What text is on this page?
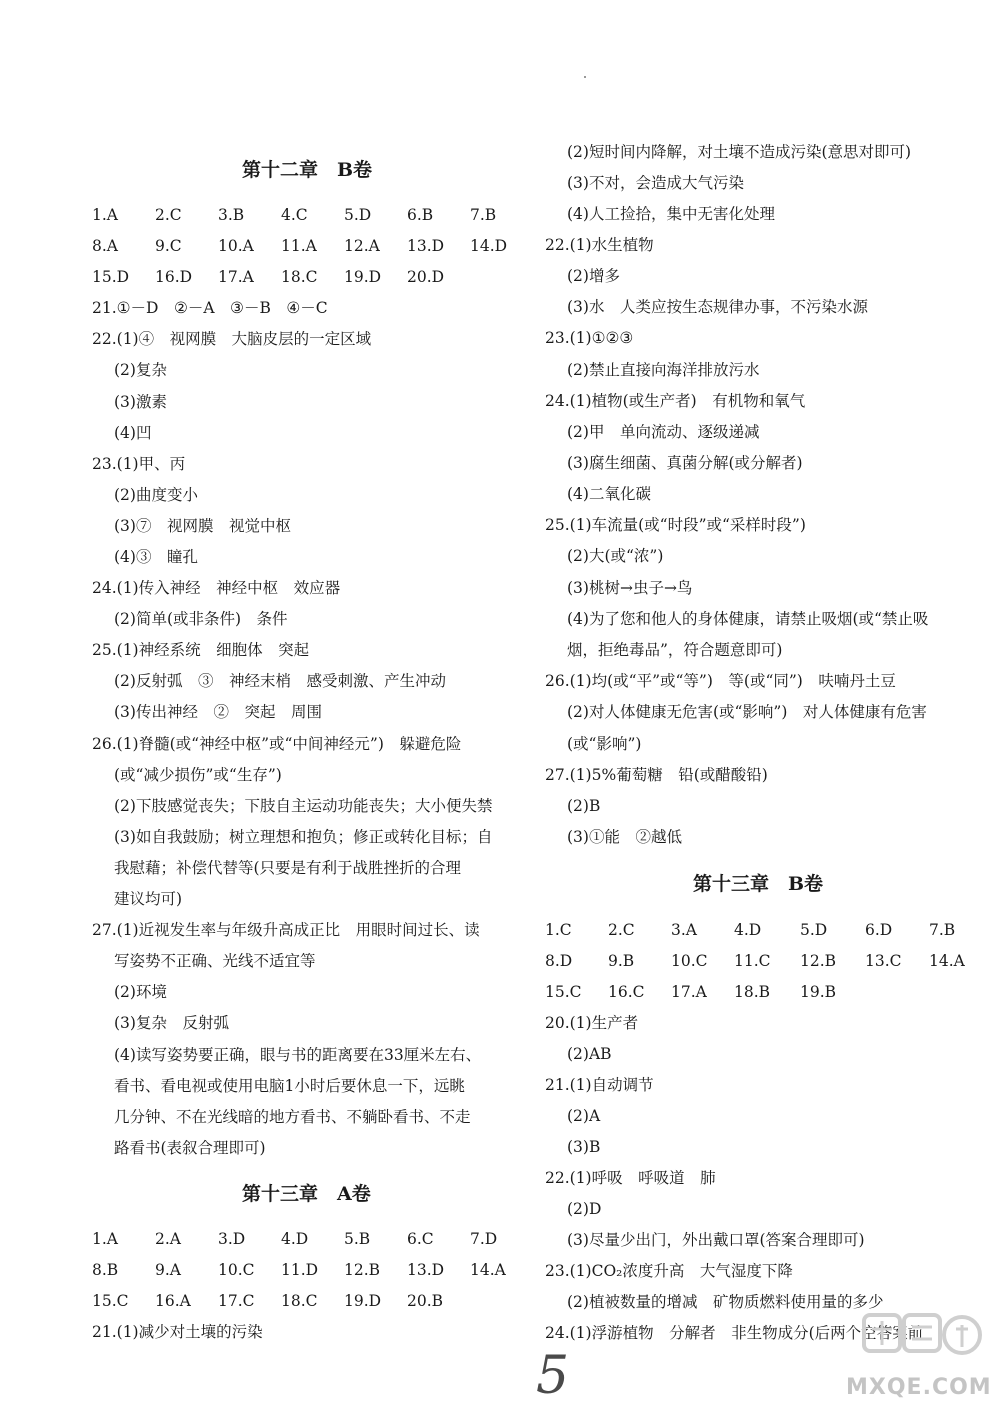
第十二章　B卷
1.A 2.C 3.B 4.C 5.D 6.B 7.B
8.A 9.C 10.A 11.A 12.A 13.D 14.D
15.D 16.D 17.A 18.C 19.D 20.D
21.①－D　②－A　③－B　④－C
22.(1)④　视网膜　大脑皮层的一定区域
(2)复杂
(3)激素
(4)凹
23.(1)甲、丙
(2)曲度变小
(3)⑦　视网膜　视觉中枢
(4)③　瞳孔
24.(1)传入神经　神经中枢　效应器
(2)简单(或非条件)　条件
25.(1)神经系统　细胞体　突起
(2)反射弧　③　神经末梢　感受刺激、产生冲动
(3)传出神经　②　突起　周围
26.(1)脊髓(或“神经中枢”或“中间神经元”)　躲避危险
(或“减少损伤”或“生存”)
(2)下肢感觉丧失；下肢自主运动功能丧失；大小便失禁
(3)如自我鼓励；树立理想和抱负；修正或转化目标；自
我慰藉；补偿代替等(只要是有利于战胜挫折的合理
建议均可)
27.(1)近视发生率与年级升高成正比　用眼时间过长、读
写姿势不正确、光线不适宜等
(2)环境
(3)复杂　反射弧
(4)读写姿势要正确，眼与书的距离要在33厘米左右、
看书、看电视或使用电脑1小时后要休息一下，远眺
几分钟、不在光线暗的地方看书、不躺卧看书、不走
路看书(表叙合理即可)
第十三章　A卷
1.A 2.A 3.D 4.D 5.B 6.C 7.D
8.B 9.A 10.C 11.D 12.B 13.D 14.A
15.C 16.A 17.C 18.C 19.D 20.B
21.(1)减少对土壤的污染
(2)短时间内降解，对土壤不造成污染(意思对即可)
(3)不对，会造成大气污染
(4)人工捡拾，集中无害化处理
22.(1)水生植物
(2)增多
(3)水　人类应按生态规律办事，不污染水源
23.(1)①②③
(2)禁止直接向海洋排放污水
24.(1)植物(或生产者)　有机物和氧气
(2)甲　单向流动、逐级递减
(3)腐生细菌、真菌分解(或分解者)
(4)二氧化碳
25.(1)车流量(或“时段”或“采样时段”)
(2)大(或“浓”)
(3)桃树→虫子→鸟
(4)为了您和他人的身体健康，请禁止吸烟(或“禁止吸
烟，拒绝毒品”，符合题意即可)
26.(1)均(或“平”或“等”)　等(或“同”)　呋喃丹土豆
(2)对人体健康无危害(或“影响”)　对人体健康有危害
(或“影响”)
27.(1)5%葡萄糖　铅(或醋酸铅)
(2)B
(3)①能　②越低
第十三章　B卷
1.C 2.C 3.A 4.D	5.D 6.D 7.B
8.D 9.B 10.C 11.C 12.B 13.C 14.A
15.C 16.C 17.A 18.B 19.B
20.(1)生产者
(2)AB
21.(1)自动调节
(2)A
(3)B
22.(1)呼吸　呼吸道　肺
(2)D
(3)尽量少出门，外出戴口罩(答案合理即可)
23.(1)CO₂浓度升高　大气湿度下降
(2)植被数量的增减　矿物质燃料使用量的多少
24.(1)浮游植物　分解者　非生物成分(后两个空答案前
5	MXQE.COM
